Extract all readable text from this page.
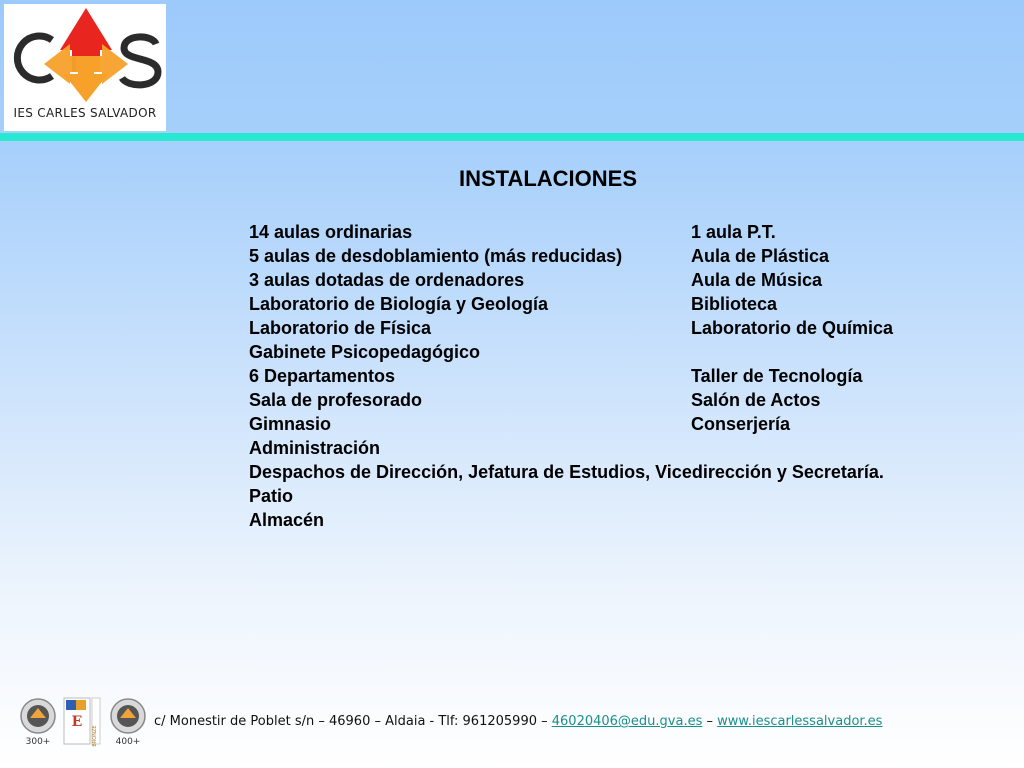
IES CARLES SALVADOR
INSTALACIONES
14 aulas ordinarias
5 aulas de desdoblamiento (más reducidas)
3 aulas dotadas de ordenadores
Laboratorio de Biología y Geología
Laboratorio de Física
Gabinete Psicopedagógico
6 Departamentos
Sala de profesorado
Gimnasio
Administración
Despachos de Dirección, Jefatura de Estudios, Vicedirección y Secretaría.
Patio
Almacén
1 aula P.T.
Aula de Plástica
Aula de Música
Biblioteca
Laboratorio de Química
Taller de Tecnología
Salón de Actos
Conserjería
300+
E
BRONZE 400+
c/ Monestir de Poblet s/n – 46960 – Aldaia - Tlf: 961205990 – 46020406@edu.gva.es – www.iescarlessalvador.es
